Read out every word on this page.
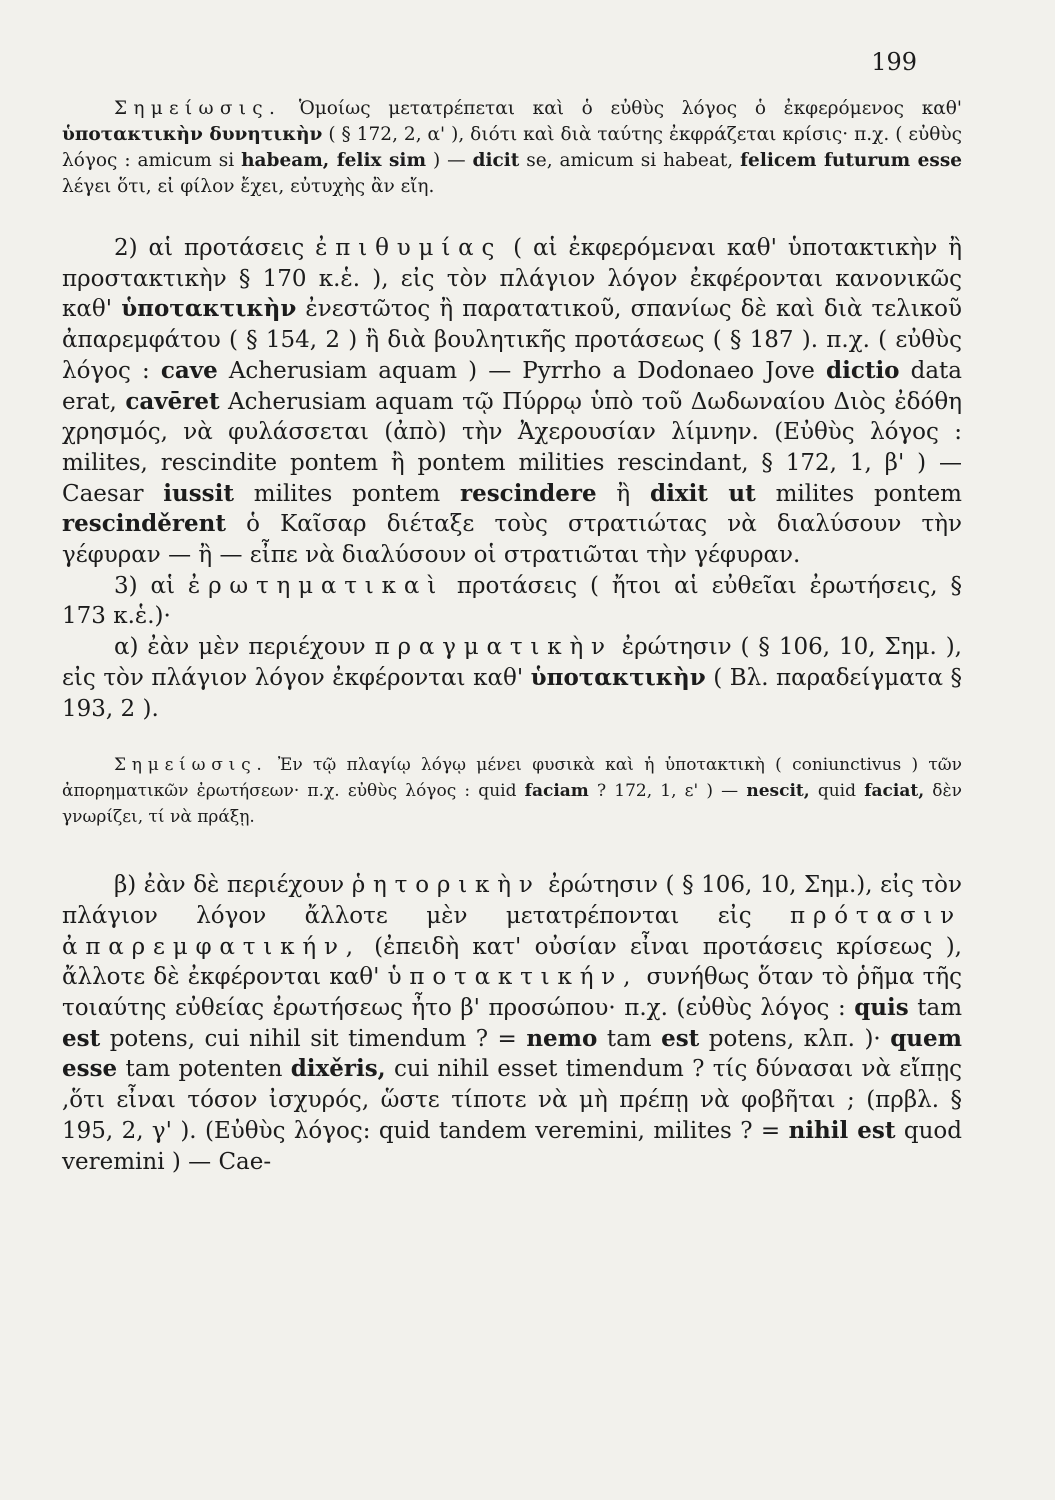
199

Σημείωσις. Ὁμοίως μετατρέπεται καὶ ὁ εὐθὺς λόγος ὁ ἐκφερόμενος καθ' ὑποτακτικὴν δυνητικὴν ( § 172, 2, α' ), διότι καὶ διὰ ταύτης ἐκφράζεται κρίσις· π.χ. ( εὐθὺς λόγος : amicum si habeam, felix sim ) — dicit se, amicum si habeat, felicem futurum esse λέγει ὅτι, εἰ φίλον ἔχει, εὐτυχὴς ἂν εἴη.

2) αἱ προτάσεις ἐπιθυμίας ( αἱ ἐκφερόμεναι καθ' ὑποτακτικὴν ἢ προστακτικὴν § 170 κ.ἑ. ), εἰς τὸν πλάγιον λόγον ἐκφέρονται κανονικῶς καθ' ὑποτακτικὴν ἐνεστῶτος ἢ παρατατικοῦ, σπανίως δὲ καὶ διὰ τελικοῦ ἀπαρεμφάτου ( § 154, 2 ) ἢ διὰ βουλητικῆς προτάσεως ( § 187 ). π.χ. ( εὐθὺς λόγος : cave Acherusiam aquam ) — Pyrrho a Dodonaeo Jove dictio data erat, cavēret Acherusiam aquam τῷ Πύρρῳ ὑπὸ τοῦ Δωδωναίου Διὸς ἐδόθη χρησμός, νὰ φυλάσσεται (ἀπὸ) τὴν Ἀχερουσίαν λίμνην. (Εὐθὺς λόγος : milites, rescindite pontem ἢ pontem milities rescindant, § 172, 1, β' ) — Caesar iussit milites pontem rescindere ἢ dixit ut milites pontem rescinděrent ὁ Καῖσαρ διέταξε τοὺς στρατιώτας νὰ διαλύσουν τὴν γέφυραν — ἢ — εἶπε νὰ διαλύσουν οἱ στρατιῶται τὴν γέφυραν.

3) αἱ ἐρωτηματικαὶ προτάσεις ( ἤτοι αἱ εὐθεῖαι ἐρωτήσεις, § 173 κ.ἑ.)·

α) ἐὰν μὲν περιέχουν πραγματικὴν ἐρώτησιν ( § 106, 10, Σημ. ), εἰς τὸν πλάγιον λόγον ἐκφέρονται καθ' ὑποτακτικὴν ( Βλ. παραδείγματα § 193, 2 ).

Σημείωσις. Ἐν τῷ πλαγίῳ λόγῳ μένει φυσικὰ καὶ ἡ ὑποτακτικὴ ( coniunctivus ) τῶν ἀπορηματικῶν ἐρωτήσεων· π.χ. εὐθὺς λόγος : quid faciam ? 172, 1, ε' ) — nescit, quid faciat, δὲν γνωρίζει, τί νὰ πράξῃ.

β) ἐὰν δὲ περιέχουν ῥητορικὴν ἐρώτησιν ( § 106, 10, Σημ.), εἰς τὸν πλάγιον λόγον ἄλλοτε μὲν μετατρέπονται εἰς πρότασιν ἀπαρεμφατικήν, (ἐπειδὴ κατ' οὐσίαν εἶναι προτάσεις κρίσεως ), ἄλλοτε δὲ ἐκφέρονται καθ' ὑποτακτικήν, συνήθως ὅταν τὸ ῥῆμα τῆς τοιαύτης εὐθείας ἐρωτήσεως ἦτο β' προσώπου· π.χ. (εὐθὺς λόγος : quis tam est potens, cui nihil sit timendum ? = nemo tam est potens, κλπ. )· quem esse tam potenten dixěris, cui nihil esset timendum ? τίς δύνασαι νὰ εἴπῃς ,ὅτι εἶναι τόσον ἰσχυρός, ὥστε τίποτε νὰ μὴ πρέπῃ νὰ φοβῆται ; (πρβλ. § 195, 2, γ' ). (Εὐθὺς λόγος: quid tandem veremini, milites ? = nihil est quod veremini ) — Cae-
